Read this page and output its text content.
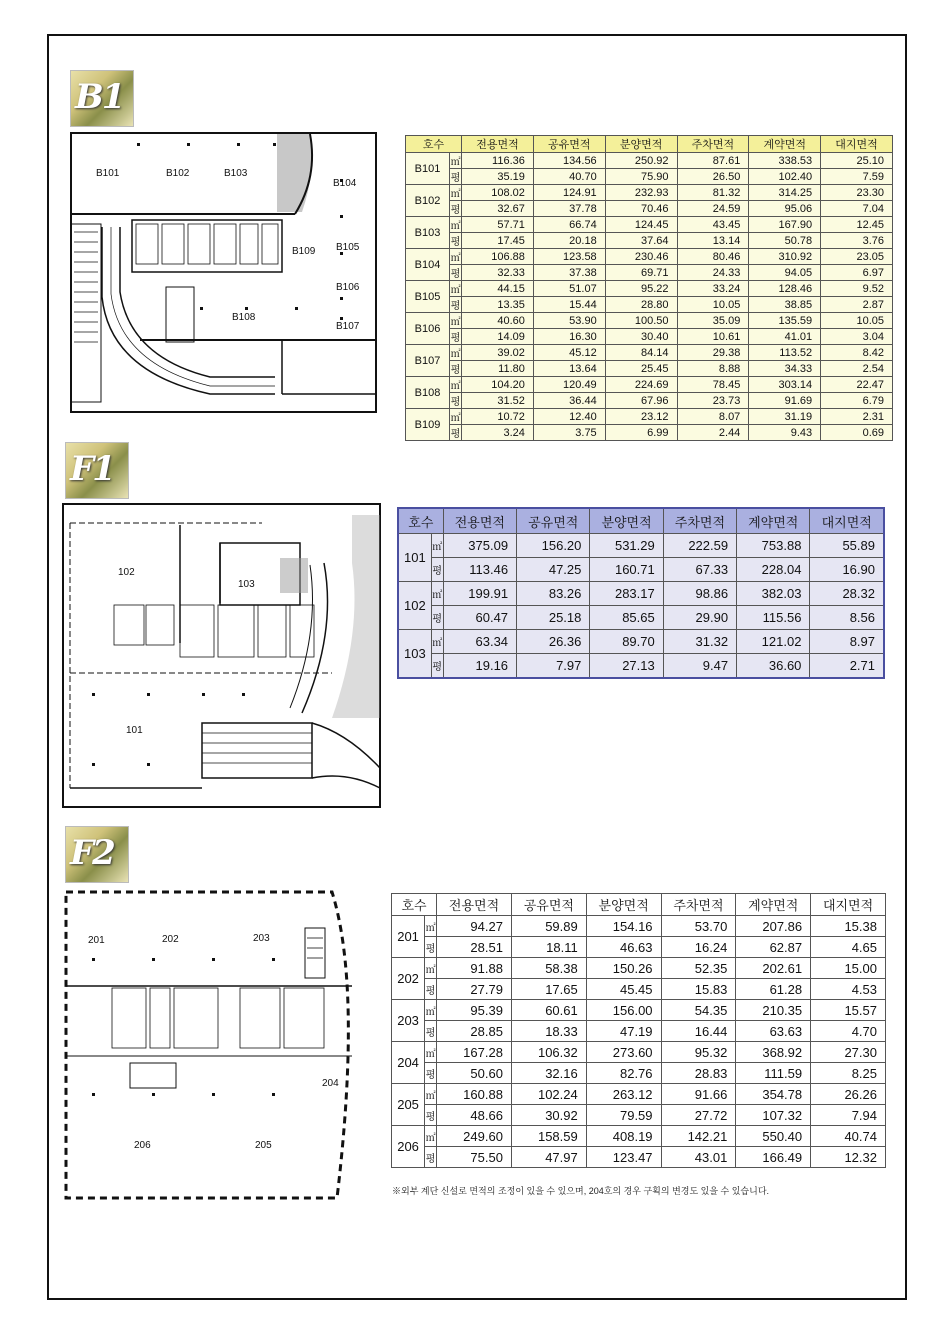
B1
B101	B102	B103
B104
B105
B106
B107
B108
B109
호수		전용면적	공유면적	분양면적	주차면적	계약면적	대지면적
B101	㎡	116.36	134.56	250.92	87.61	338.53	25.10
	평	35.19	40.70	75.90	26.50	102.40	7.59
B102	㎡	108.02	124.91	232.93	81.32	314.25	23.30
	평	32.67	37.78	70.46	24.59	95.06	7.04
B103	㎡	57.71	66.74	124.45	43.45	167.90	12.45
	평	17.45	20.18	37.64	13.14	50.78	3.76
B104	㎡	106.88	123.58	230.46	80.46	310.92	23.05
	평	32.33	37.38	69.71	24.33	94.05	6.97
B105	㎡	44.15	51.07	95.22	33.24	128.46	9.52
	평	13.35	15.44	28.80	10.05	38.85	2.87
B106	㎡	40.60	53.90	100.50	35.09	135.59	10.05
	평	14.09	16.30	30.40	10.61	41.01	3.04
B107	㎡	39.02	45.12	84.14	29.38	113.52	8.42
	평	11.80	13.64	25.45	8.88	34.33	2.54
B108	㎡	104.20	120.49	224.69	78.45	303.14	22.47
	평	31.52	36.44	67.96	23.73	91.69	6.79
B109	㎡	10.72	12.40	23.12	8.07	31.19	2.31
	평	3.24	3.75	6.99	2.44	9.43	0.69
F1
102
103
101
호수		전용면적	공유면적	분양면적	주차면적	계약면적	대지면적
101	㎡	375.09	156.20	531.29	222.59	753.88	55.89
	평	113.46	47.25	160.71	67.33	228.04	16.90
102	㎡	199.91	83.26	283.17	98.86	382.03	28.32
	평	60.47	25.18	85.65	29.90	115.56	8.56
103	㎡	63.34	26.36	89.70	31.32	121.02	8.97
	평	19.16	7.97	27.13	9.47	36.60	2.71
F2
201	202	203
204
206	205
호수		전용면적	공유면적	분양면적	주차면적	계약면적	대지면적
201	㎡	94.27	59.89	154.16	53.70	207.86	15.38
	평	28.51	18.11	46.63	16.24	62.87	4.65
202	㎡	91.88	58.38	150.26	52.35	202.61	15.00
	평	27.79	17.65	45.45	15.83	61.28	4.53
203	㎡	95.39	60.61	156.00	54.35	210.35	15.57
	평	28.85	18.33	47.19	16.44	63.63	4.70
204	㎡	167.28	106.32	273.60	95.32	368.92	27.30
	평	50.60	32.16	82.76	28.83	111.59	8.25
205	㎡	160.88	102.24	263.12	91.66	354.78	26.26
	평	48.66	30.92	79.59	27.72	107.32	7.94
206	㎡	249.60	158.59	408.19	142.21	550.40	40.74
	평	75.50	47.97	123.47	43.01	166.49	12.32
※외부 계단 신설로 면적의 조정이 있을 수 있으며, 204호의 경우 구획의 변경도 있을 수 있습니다.
